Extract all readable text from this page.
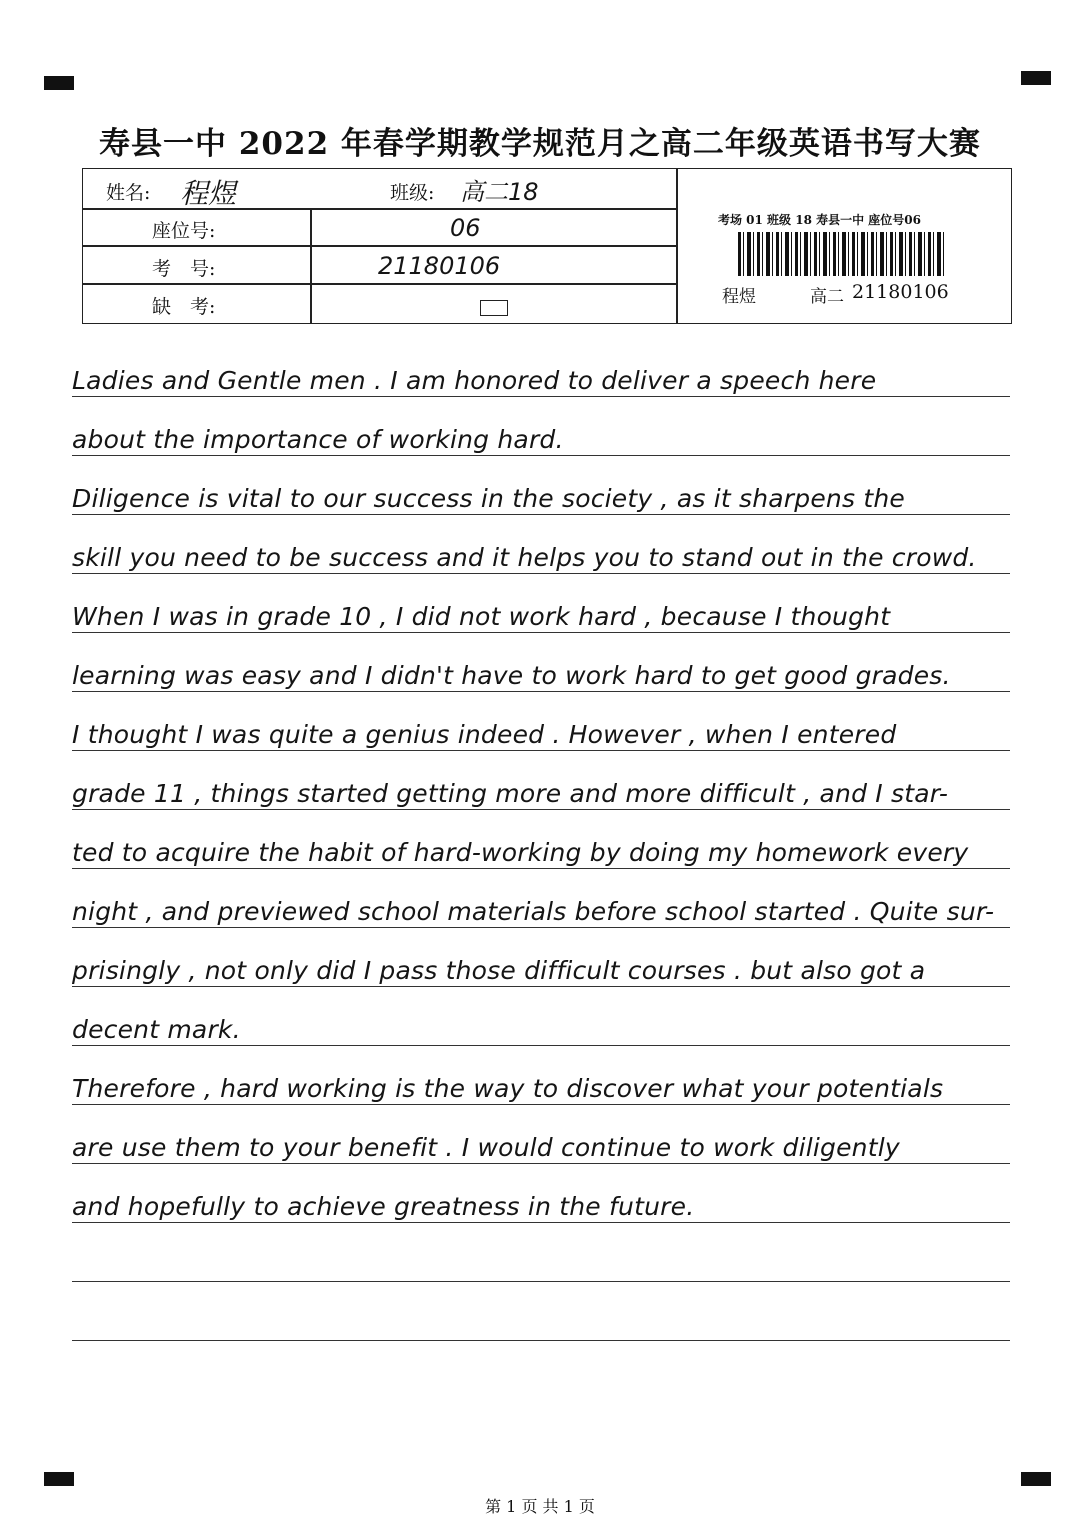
寿县一中 2022 年春学期教学规范月之高二年级英语书写大赛
姓名: 程煜	班级: 高二18
座位号:	06
考　号:	21180106
缺　考:
考场 01 班级 18 寿县一中 座位号06
程煜	高二 21180106
Ladies and Gentle men . I am honored to deliver a speech here
about the importance of working hard.
Diligence is vital to our success in the society , as it sharpens the
skill you need to be success and it helps you to stand out in the crowd.
When I was in grade 10 , I did not work hard , because I thought
learning was easy and I didn't have to work hard to get good grades.
I thought I was quite a genius indeed . However , when I entered
grade 11 , things started getting more and more difficult , and I star-
ted to acquire the habit of hard-working by doing my homework every
night , and previewed school materials before school started . Quite sur-
prisingly , not only did I pass those difficult courses . but also got a
decent mark.
Therefore , hard working is the way to discover what your potentials
are use them to your benefit . I would continue to work diligently
and hopefully to achieve greatness in the future.
第 1 页 共 1 页
